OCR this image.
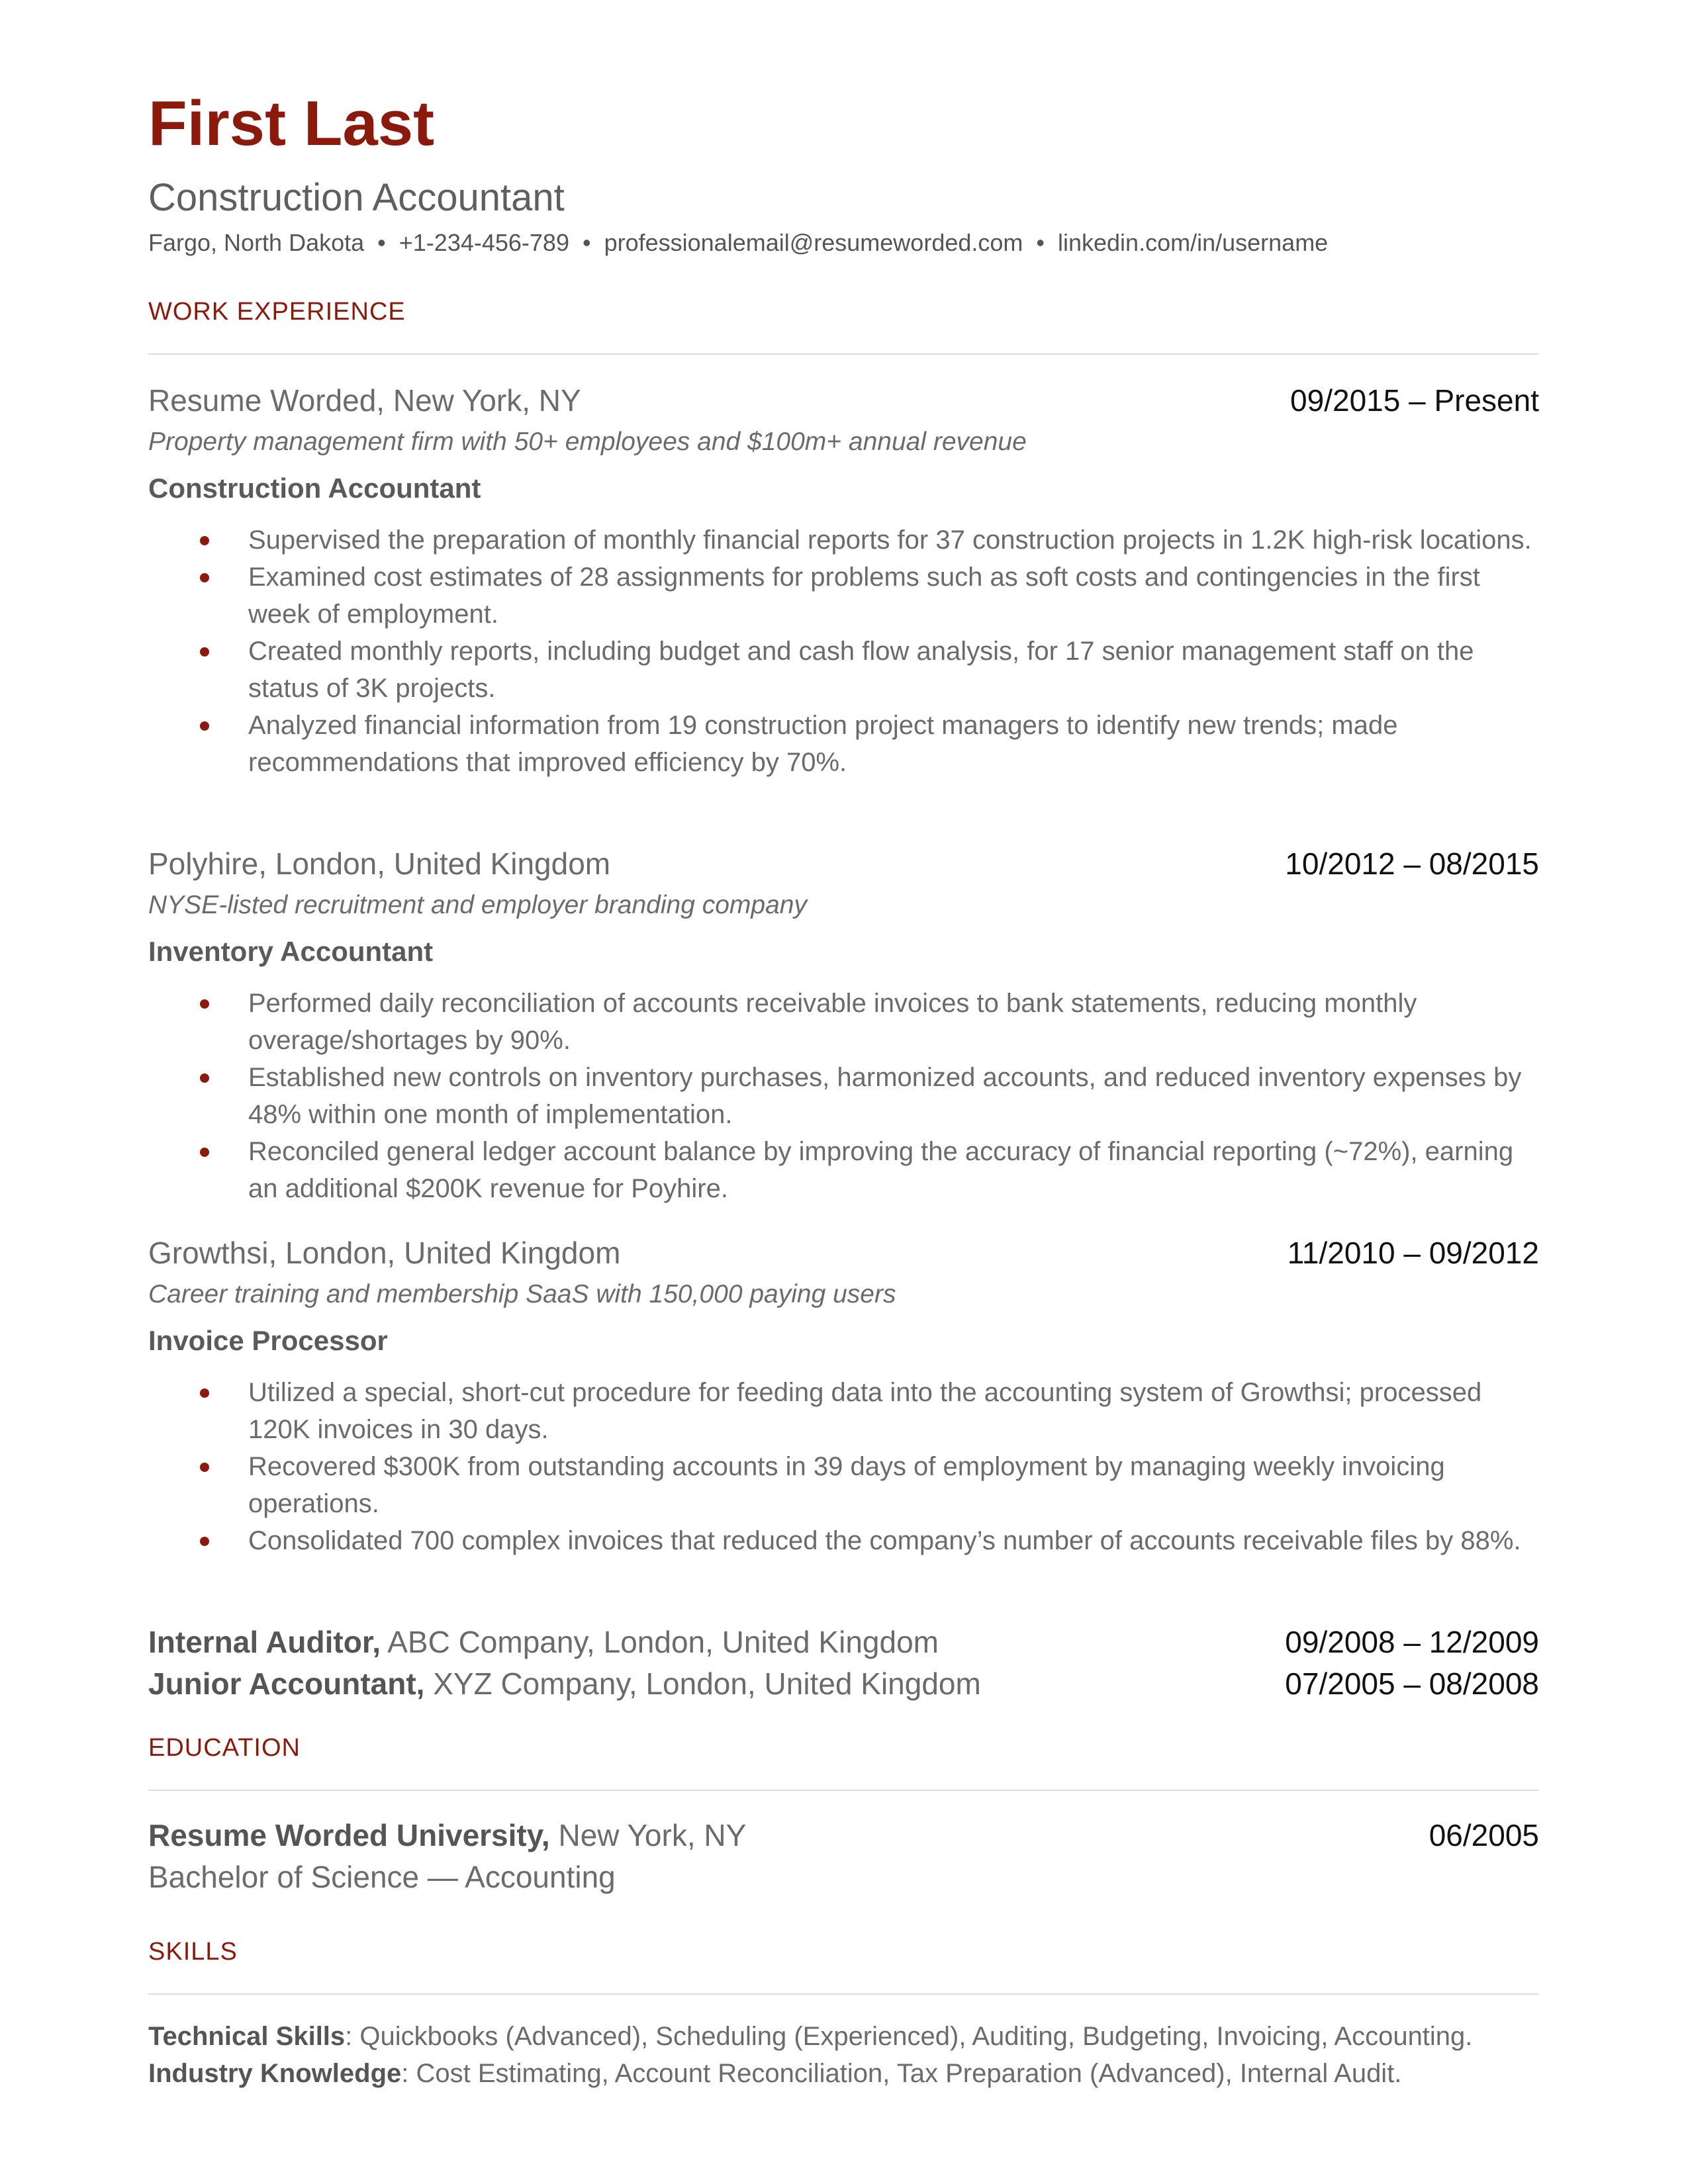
First Last
Construction Accountant
Fargo, North Dakota • +1-234-456-789 • professionalemail@resumeworded.com • linkedin.com/in/username
WORK EXPERIENCE
Resume Worded, New York, NY	09/2015 – Present
Property management firm with 50+ employees and $100m+ annual revenue
Construction Accountant
Supervised the preparation of monthly financial reports for 37 construction projects in 1.2K high-risk locations.
Examined cost estimates of 28 assignments for problems such as soft costs and contingencies in the first week of employment.
Created monthly reports, including budget and cash flow analysis, for 17 senior management staff on the status of 3K projects.
Analyzed financial information from 19 construction project managers to identify new trends; made recommendations that improved efficiency by 70%.
Polyhire, London, United Kingdom	10/2012 – 08/2015
NYSE-listed recruitment and employer branding company
Inventory Accountant
Performed daily reconciliation of accounts receivable invoices to bank statements, reducing monthly overage/shortages by 90%.
Established new controls on inventory purchases, harmonized accounts, and reduced inventory expenses by 48% within one month of implementation.
Reconciled general ledger account balance by improving the accuracy of financial reporting (~72%), earning an additional $200K revenue for Poyhire.
Growthsi, London, United Kingdom	11/2010 – 09/2012
Career training and membership SaaS with 150,000 paying users
Invoice Processor
Utilized a special, short-cut procedure for feeding data into the accounting system of Growthsi; processed 120K invoices in 30 days.
Recovered $300K from outstanding accounts in 39 days of employment by managing weekly invoicing operations.
Consolidated 700 complex invoices that reduced the company’s number of accounts receivable files by 88%.
Internal Auditor, ABC Company, London, United Kingdom	09/2008 – 12/2009
Junior Accountant, XYZ Company, London, United Kingdom	07/2005 – 08/2008
EDUCATION
Resume Worded University, New York, NY	06/2005
Bachelor of Science — Accounting
SKILLS
Technical Skills: Quickbooks (Advanced), Scheduling (Experienced), Auditing, Budgeting, Invoicing, Accounting.
Industry Knowledge: Cost Estimating, Account Reconciliation, Tax Preparation (Advanced), Internal Audit.
